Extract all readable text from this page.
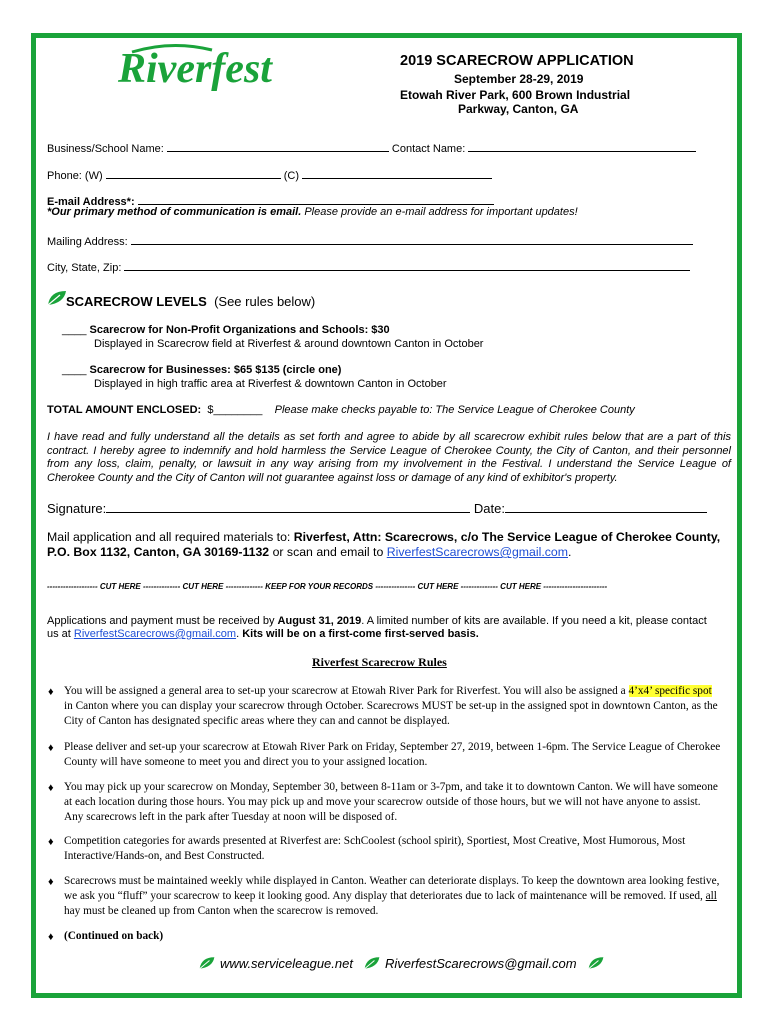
Riverfest	2019 SCARECROW APPLICATION
September 28-29, 2019
Etowah River Park, 600 Brown Industrial
Parkway, Canton, GA
Business/School Name:	Contact Name:
Phone: (W)	(C)
E-mail Address*:
*Our primary method of communication is email. Please provide an e-mail address for important updates!
Mailing Address:
City, State, Zip:
SCARECROW LEVELS (See rules below)
____ Scarecrow for Non-Profit Organizations and Schools: $30
Displayed in Scarecrow field at Riverfest & around downtown Canton in October
____ Scarecrow for Businesses: $65 $135 (circle one)
Displayed in high traffic area at Riverfest & downtown Canton in October
TOTAL AMOUNT ENCLOSED: $________ Please make checks payable to: The Service League of Cherokee County
I have read and fully understand all the details as set forth and agree to abide by all scarecrow exhibit rules below that are a part of this contract. I hereby agree to indemnify and hold harmless the Service League of Cherokee County, the City of Canton, and their personnel from any loss, claim, penalty, or lawsuit in any way arising from my involvement in the Festival. I understand the Service League of Cherokee County and the City of Canton will not guarantee against loss or damage of any kind of exhibitor's property.
Signature:	Date:
Mail application and all required materials to: Riverfest, Attn: Scarecrows, c/o The Service League of Cherokee County,
P.O. Box 1132, Canton, GA 30169-1132 or scan and email to RiverfestScarecrows@gmail.com.
------------------- CUT HERE -------------- CUT HERE -------------- KEEP FOR YOUR RECORDS --------------- CUT HERE -------------- CUT HERE ------------------------
Applications and payment must be received by August 31, 2019. A limited number of kits are available. If you need a kit, please contact
us at RiverfestScarecrows@gmail.com. Kits will be on a first-come first-served basis.
Riverfest Scarecrow Rules
♦ You will be assigned a general area to set-up your scarecrow at Etowah River Park for Riverfest. You will also be assigned a 4’x4’ specific spot
in Canton where you can display your scarecrow through October. Scarecrows MUST be set-up in the assigned spot in downtown Canton, as the
City of Canton has designated specific areas where they can and cannot be displayed.
♦ Please deliver and set-up your scarecrow at Etowah River Park on Friday, September 27, 2019, between 1-6pm. The Service League of Cherokee
County will have someone to meet you and direct you to your assigned location.
♦ You may pick up your scarecrow on Monday, September 30, between 8-11am or 3-7pm, and take it to downtown Canton. We will have someone
at each location during those hours. You may pick up and move your scarecrow outside of those hours, but we will not have anyone to assist.
Any scarecrows left in the park after Tuesday at noon will be disposed of.
♦ Competition categories for awards presented at Riverfest are: SchCoolest (school spirit), Sportiest, Most Creative, Most Humorous, Most
Interactive/Hands-on, and Best Constructed.
♦ Scarecrows must be maintained weekly while displayed in Canton. Weather can deteriorate displays. To keep the downtown area looking festive,
we ask you “fluff” your scarecrow to keep it looking good. Any display that deteriorates due to lack of maintenance will be removed. If used, all
hay must be cleaned up from Canton when the scarecrow is removed.
♦ (Continued on back)
www.serviceleague.net RiverfestScarecrows@gmail.com
